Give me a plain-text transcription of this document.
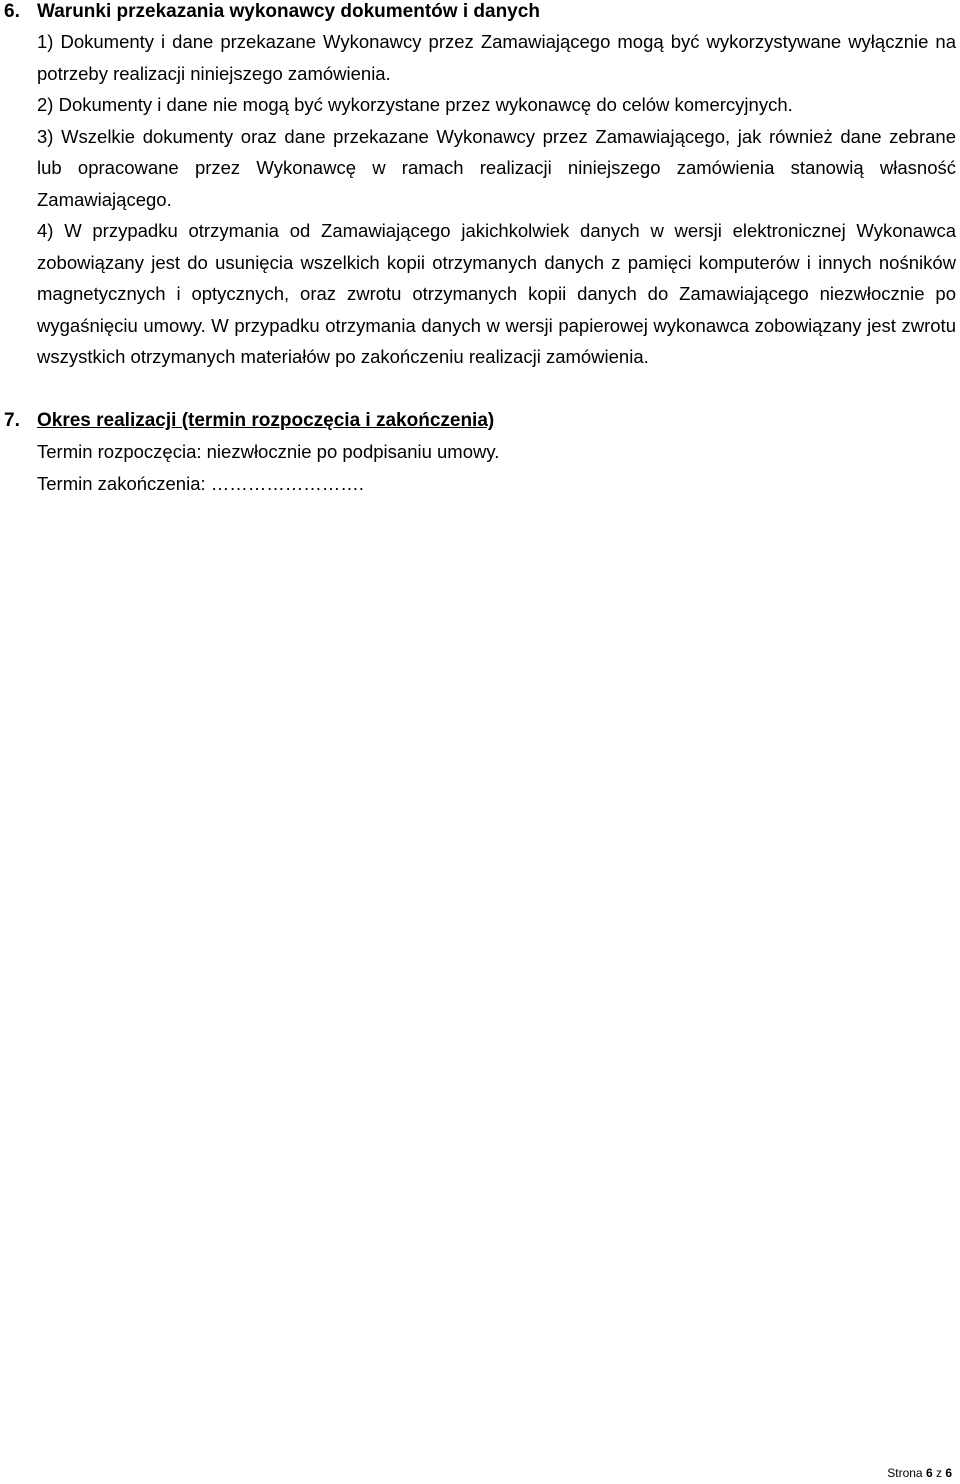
6. Warunki przekazania wykonawcy dokumentów i danych

1) Dokumenty i dane przekazane Wykonawcy przez Zamawiającego mogą być wykorzystywane wyłącznie na potrzeby realizacji niniejszego zamówienia.

2) Dokumenty i dane nie mogą być wykorzystane przez wykonawcę do celów komercyjnych.

3) Wszelkie dokumenty oraz dane przekazane Wykonawcy przez Zamawiającego, jak również dane zebrane lub opracowane przez Wykonawcę w ramach realizacji niniejszego zamówienia stanowią własność Zamawiającego.

4) W przypadku otrzymania od Zamawiającego jakichkolwiek danych w wersji elektronicznej Wykonawca zobowiązany jest do usunięcia wszelkich kopii otrzymanych danych z pamięci komputerów i innych nośników magnetycznych i optycznych, oraz zwrotu otrzymanych kopii danych do Zamawiającego niezwłocznie po wygaśnięciu umowy. W przypadku otrzymania danych w wersji papierowej wykonawca zobowiązany jest zwrotu wszystkich otrzymanych materiałów po zakończeniu realizacji zamówienia.

7. Okres realizacji (termin rozpoczęcia i zakończenia)

Termin rozpoczęcia: niezwłocznie po podpisaniu umowy.

Termin zakończenia: …………………….

Strona 6 z 6
